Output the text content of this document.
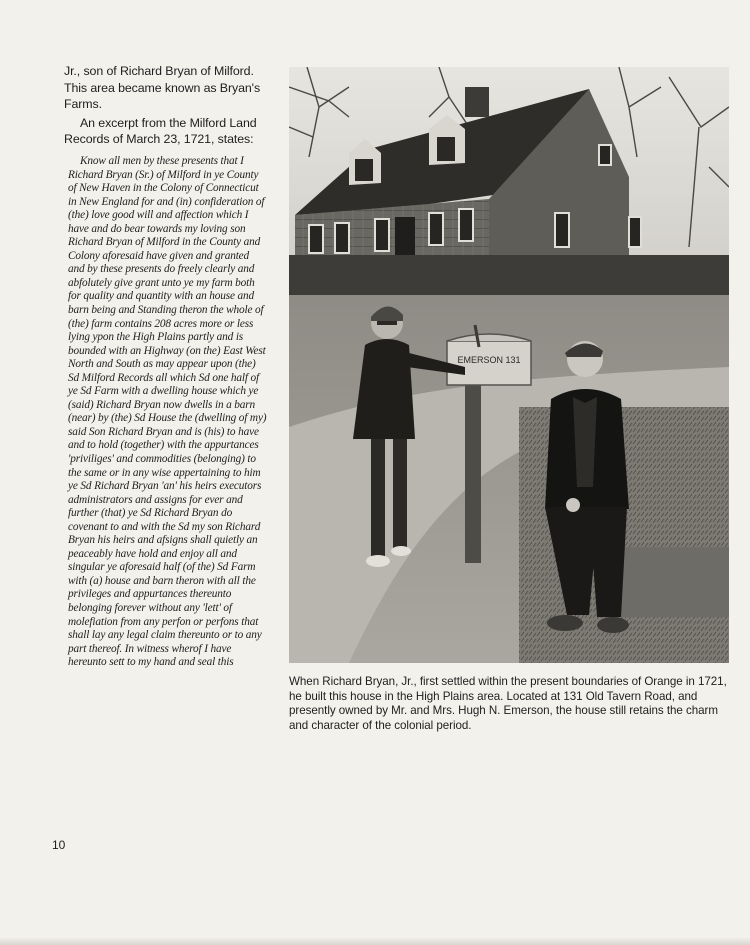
Jr., son of Richard Bryan of Milford. This area became known as Bryan's Farms.

An excerpt from the Milford Land Records of March 23, 1721, states:

Know all men by these presents that I Richard Bryan (Sr.) of Milford in ye County of New Haven in the Colony of Connecticut in New England for and (in) confideration of (the) love good will and affection which I have and do bear towards my loving son Richard Bryan of Milford in the County and Colony aforesaid have given and granted and by these presents do freely clearly and abfolutely give grant unto ye my farm both for quality and quantity with an house and barn being and Standing theron the whole of (the) farm contains 208 acres more or less lying ypon the High Plains partly and is bounded with an Highway (on the) East West North and South as may appear upon (the) Sd Milford Records all which Sd one half of ye Sd Farm with a dwelling house which ye (said) Richard Bryan now dwells in a barn (near) by (the) Sd House the (dwelling of my) said Son Richard Bryan and is (his) to have and to hold (together) with the appurtances 'priviliges' and commodities (belonging) to the same or in any wise appertaining to him ye Sd Richard Bryan 'an' his heirs executors administrators and assigns for ever and further (that) ye Sd Richard Bryan do covenant to and with the Sd my son Richard Bryan his heirs and afsigns shall quietly an peaceably have hold and enjoy all and singular ye aforesaid half (of the) Sd Farm with (a) house and barn theron with all the privileges and appurtances thereunto belonging forever without any 'lett' of molefiation from any perfon or perfons that shall lay any legal claim thereunto or to any part thereof. In witness wherof I have hereunto sett to my hand and seal this

EMERSON 131

When Richard Bryan, Jr., first settled within the present boundaries of Orange in 1721, he built this house in the High Plains area. Located at 131 Old Tavern Road, and presently owned by Mr. and Mrs. Hugh N. Emerson, the house still retains the charm and character of the colonial period.

10
